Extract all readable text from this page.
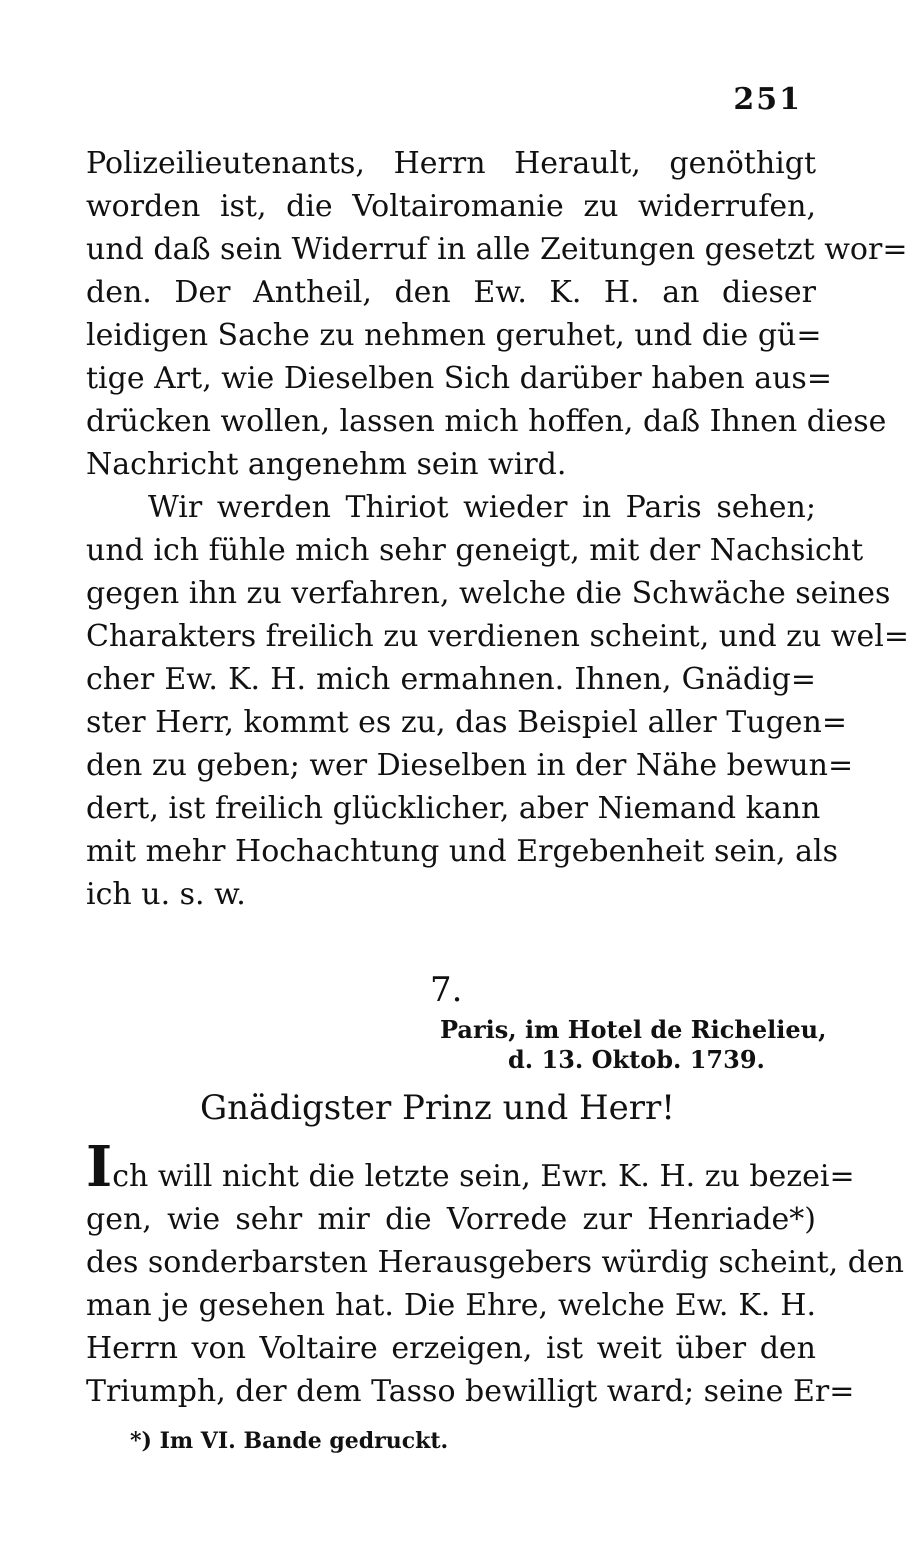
251
Polizeilieutenants, Herrn Herault, genöthigt
worden ist, die Voltairomanie zu widerrufen,
und daß sein Widerruf in alle Zeitungen gesetzt wor=
den. Der Antheil, den Ew. K. H. an dieser
leidigen Sache zu nehmen geruhet, und die gü=
tige Art, wie Dieselben Sich darüber haben aus=
drücken wollen, lassen mich hoffen, daß Ihnen diese
Nachricht angenehm sein wird.
Wir werden Thiriot wieder in Paris sehen;
und ich fühle mich sehr geneigt, mit der Nachsicht
gegen ihn zu verfahren, welche die Schwäche seines
Charakters freilich zu verdienen scheint, und zu wel=
cher Ew. K. H. mich ermahnen. Ihnen, Gnädig=
ster Herr, kommt es zu, das Beispiel aller Tugen=
den zu geben; wer Dieselben in der Nähe bewun=
dert, ist freilich glücklicher, aber Niemand kann
mit mehr Hochachtung und Ergebenheit sein, als
ich u. s. w.
7.
Paris, im Hotel de Richelieu,
d. 13. Oktob. 1739.
Gnädigster Prinz und Herr!
Ich will nicht die letzte sein, Ewr. K. H. zu bezei=
gen, wie sehr mir die Vorrede zur Henriade*)
des sonderbarsten Herausgebers würdig scheint, den
man je gesehen hat. Die Ehre, welche Ew. K. H.
Herrn von Voltaire erzeigen, ist weit über den
Triumph, der dem Tasso bewilligt ward; seine Er=
*) Im VI. Bande gedruckt.
